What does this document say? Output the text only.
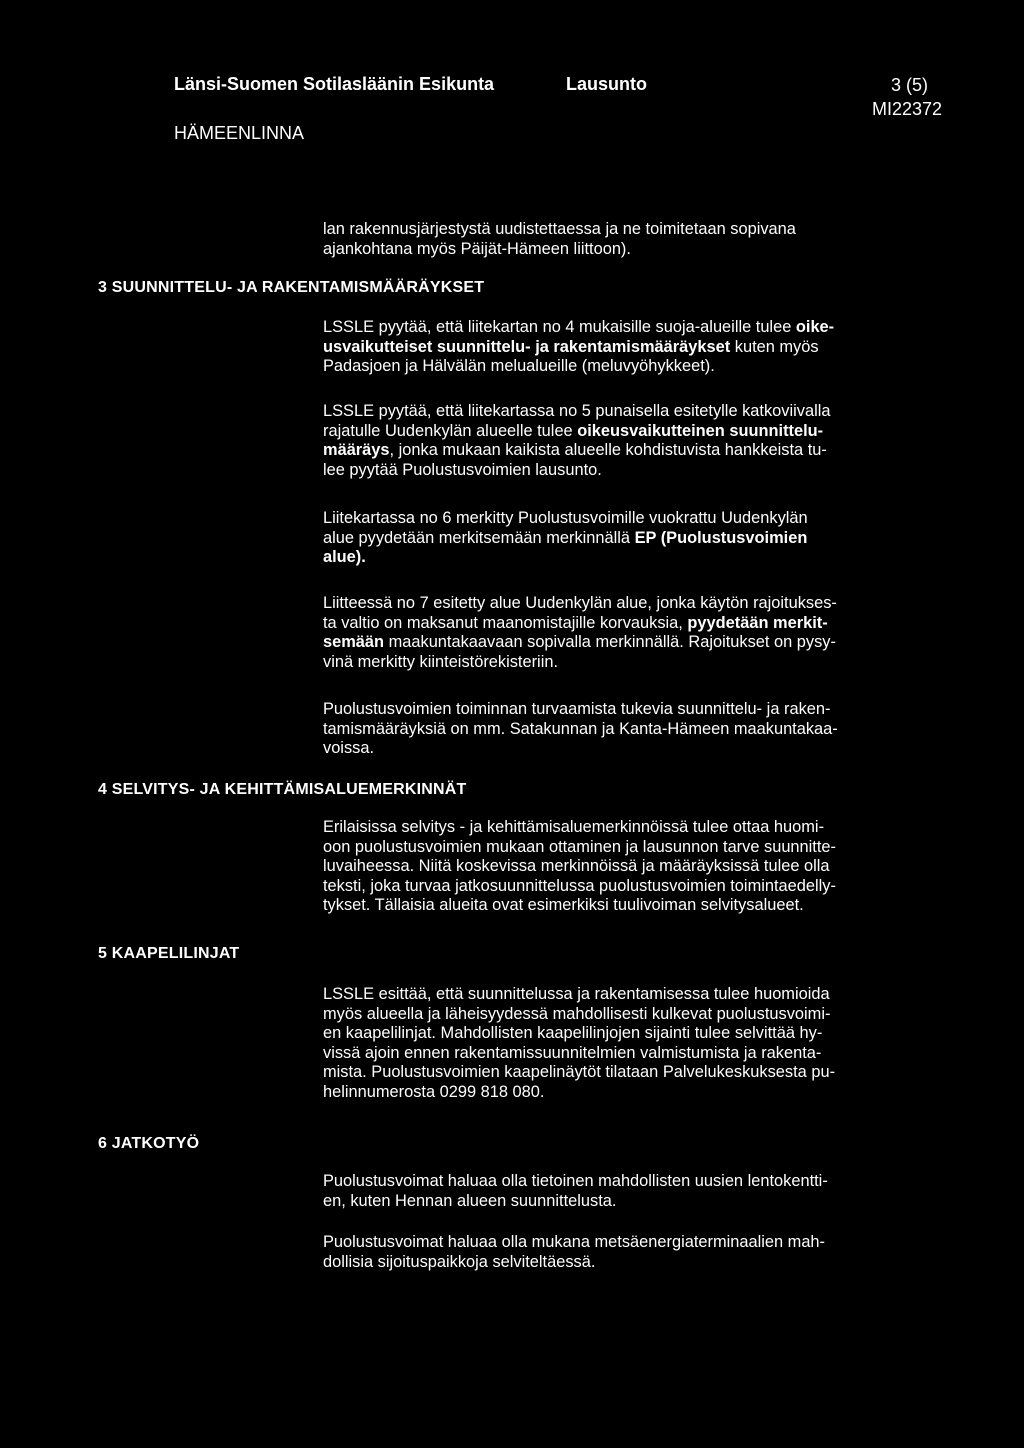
Länsi-Suomen Sotilasläänin Esikunta	Lausunto	3 (5)
MI22372
HÄMEENLINNA
lan rakennusjärjestystä uudistettaessa ja ne toimitetaan sopivana
ajankohtana myös Päijät-Hämeen liittoon).
3 SUUNNITTELU- JA RAKENTAMISMÄÄRÄYKSET
LSSLE pyytää, että liitekartan no 4 mukaisille suoja-alueille tulee oike-
usvaikutteiset suunnittelu- ja rakentamismääräykset kuten myös
Padasjoen ja Hälvälän melualueille (meluvyöhykkeet).
LSSLE pyytää, että liitekartassa no 5 punaisella esitetylle katkoviivalla
rajatulle Uudenkylän alueelle tulee oikeusvaikutteinen suunnittelu-
määräys, jonka mukaan kaikista alueelle kohdistuvista hankkeista tu-
lee pyytää Puolustusvoimien lausunto.
Liitekartassa no 6 merkitty Puolustusvoimille vuokrattu Uudenkylän
alue pyydetään merkitsemään merkinnällä EP (Puolustusvoimien
alue).
Liitteessä no 7 esitetty alue Uudenkylän alue, jonka käytön rajoitukses-
ta valtio on maksanut maanomistajille korvauksia, pyydetään merkit-
semään maakuntakaavaan sopivalla merkinnällä. Rajoitukset on pysy-
vinä merkitty kiinteistörekisteriin.
Puolustusvoimien toiminnan turvaamista tukevia suunnittelu- ja raken-
tamismääräyksiä on mm. Satakunnan ja Kanta-Hämeen maakuntakaa-
voissa.
4 SELVITYS- JA KEHITTÄMISALUEMERKINNÄT
Erilaisissa selvitys - ja kehittämisaluemerkinnöissä tulee ottaa huomi-
oon puolustusvoimien mukaan ottaminen ja lausunnon tarve suunnitte-
luvaiheessa. Niitä koskevissa merkinnöissä ja määräyksissä tulee olla
teksti, joka turvaa jatkosuunnittelussa puolustusvoimien toimintaedelly-
tykset. Tällaisia alueita ovat esimerkiksi tuulivoiman selvitysalueet.
5 KAAPELILINJAT
LSSLE esittää, että suunnittelussa ja rakentamisessa tulee huomioida
myös alueella ja läheisyydessä mahdollisesti kulkevat puolustusvoimi-
en kaapelilinjat. Mahdollisten kaapelilinjojen sijainti tulee selvittää hy-
vissä ajoin ennen rakentamissuunnitelmien valmistumista ja rakenta-
mista. Puolustusvoimien kaapelinäytöt tilataan Palvelukeskuksesta pu-
helinnumerosta 0299 818 080.
6 JATKOTYÖ
Puolustusvoimat haluaa olla tietoinen mahdollisten uusien lentokentti-
en, kuten Hennan alueen suunnittelusta.
Puolustusvoimat haluaa olla mukana metsäenergiaterminaalien mah-
dollisia sijoituspaikkoja selviteltäessä.
